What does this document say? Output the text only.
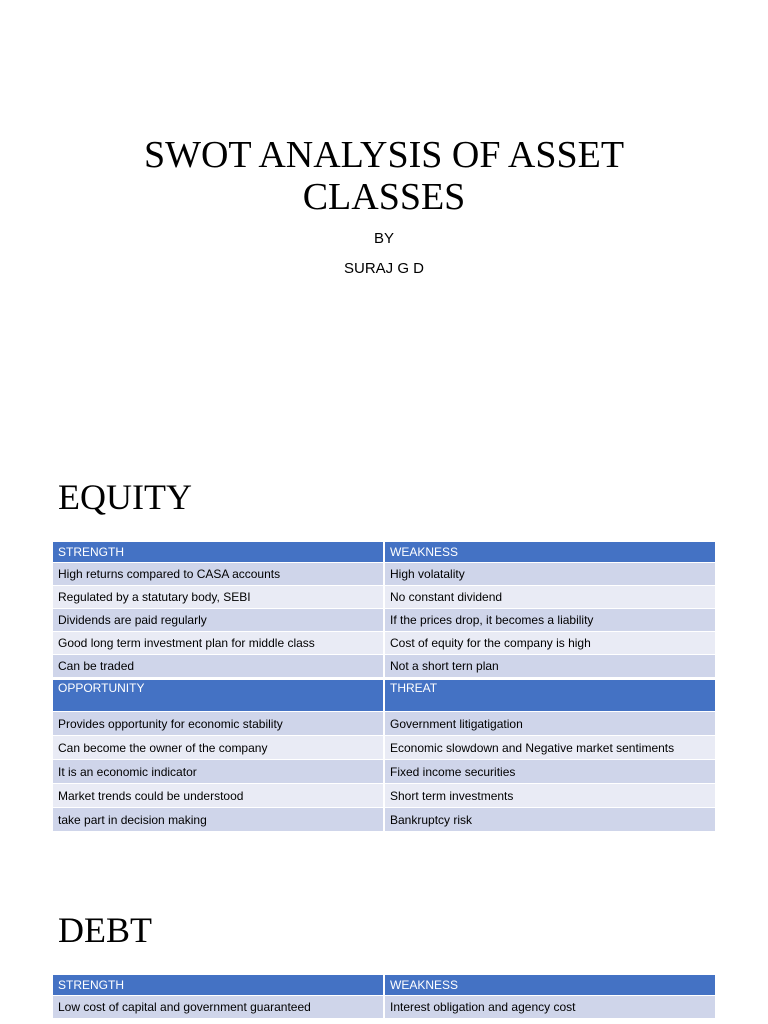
SWOT ANALYSIS OF ASSET
CLASSES

BY

SURAJ G D

EQUITY
STRENGTH	WEAKNESS
High returns compared to CASA accounts	High volatality
Regulated by a statutary body, SEBI	No constant dividend
Dividends are paid regularly	If the prices drop, it becomes a liability
Good long term investment plan for middle class	Cost of equity for the company is high
Can be traded	Not a short tern plan
OPPORTUNITY	THREAT
Provides opportunity for economic stability	Government litigatigation
Can become the owner of the company	Economic slowdown and Negative market sentiments
It is an economic indicator	Fixed income securities
Market trends could be understood	Short term investments
take part in decision making	Bankruptcy risk
DEBT
STRENGTH	WEAKNESS
Low cost of capital and government guaranteed	Interest obligation and agency cost
